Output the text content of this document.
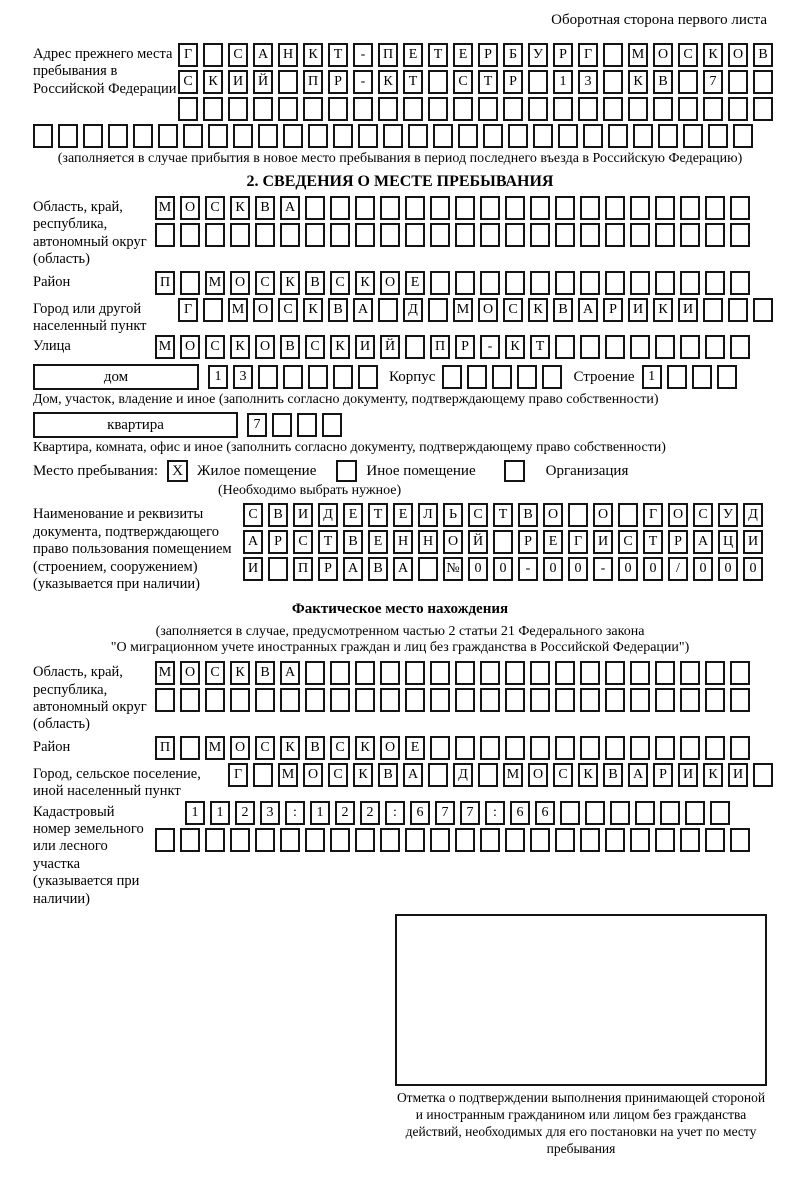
Оборотная сторона первого листа
Адрес прежнего места пребывания в Российской Федерации
Г	С А Н К Т - П Е Т Е Р Б У Р Г	М О С К О В
С К И Й	П Р - К Т	С Т Р	1 3	К В	7
(заполняется в случае прибытия в новое место пребывания в период последнего въезда в Российскую Федерацию)
2. СВЕДЕНИЯ О МЕСТЕ ПРЕБЫВАНИЯ
Область, край, республика, автономный округ (область)
М О С К В А
Район	П	М О С К В С К О Е
Город или другой населенный пункт
Г	М О С К В А	Д	М О С К В А Р И К И
Улица	М О С К О В С К И Й	П Р - К Т
дом	1 3	Корпус	Строение 1
Дом, участок, владение и иное (заполнить согласно документу, подтверждающему право собственности)
квартира	7
Квартира, комната, офис и иное (заполнить согласно документу, подтверждающему право собственности)
Место пребывания: X Жилое помещение	Иное помещение	Организация
(Необходимо выбрать нужное)
Наименование и реквизиты документа, подтверждающего право пользования помещением (строением, сооружением) (указывается при наличии)
С В И Д Е Т Е Л Ь С Т В О	О	Г О С У Д
А Р С Т В Е Н Н О Й	Р Е Г И С Т Р А Ц И
И	П Р А В А	№ 0 0 - 0 0 - 0 0 / 0 0 0
Фактическое место нахождения
(заполняется в случае, предусмотренном частью 2 статьи 21 Федерального закона
"О миграционном учете иностранных граждан и лиц без гражданства в Российской Федерации")
Область, край, республика, автономный округ (область)
М О С К В А
Район	П	М О С К В С К О Е
Город, сельское поселение, иной населенный пункт
Г	М О С К В А	Д	М О С К В А Р И К И
Кадастровый номер земельного или лесного участка (указывается при наличии)
1 1 2 3 : 1 2 2 : 6 7 7 : 6 6
Отметка о подтверждении выполнения принимающей стороной и иностранным гражданином или лицом без гражданства действий, необходимых для его постановки на учет по месту пребывания
